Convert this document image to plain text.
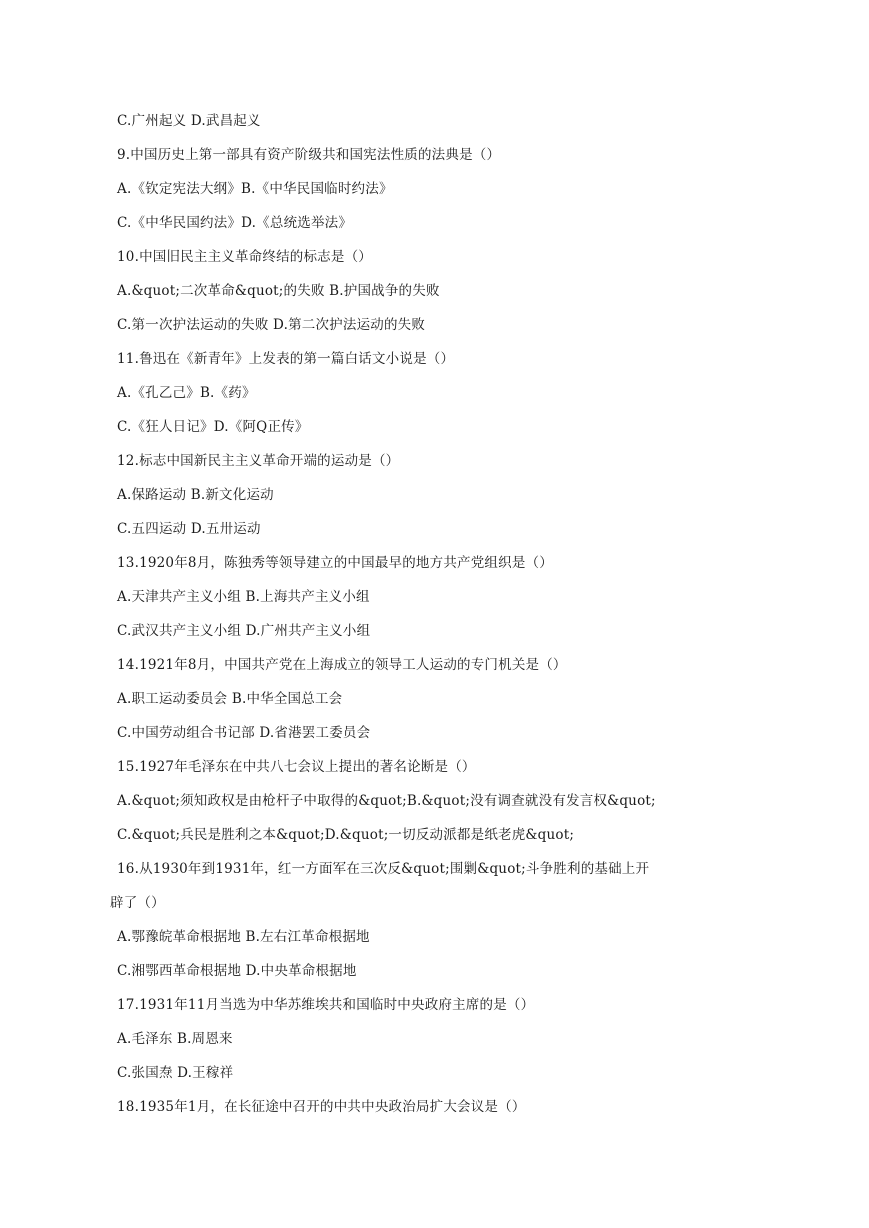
C.广州起义 D.武昌起义
9.中国历史上第一部具有资产阶级共和国宪法性质的法典是（）
A.《钦定宪法大纲》B.《中华民国临时约法》
C.《中华民国约法》D.《总统选举法》
10.中国旧民主主义革命终结的标志是（）
A.&quot;二次革命&quot;的失败 B.护国战争的失败
C.第一次护法运动的失败 D.第二次护法运动的失败
11.鲁迅在《新青年》上发表的第一篇白话文小说是（）
A.《孔乙己》B.《药》
C.《狂人日记》D.《阿Q正传》
12.标志中国新民主主义革命开端的运动是（）
A.保路运动 B.新文化运动
C.五四运动 D.五卅运动
13.1920年8月，陈独秀等领导建立的中国最早的地方共产党组织是（）
A.天津共产主义小组 B.上海共产主义小组
C.武汉共产主义小组 D.广州共产主义小组
14.1921年8月，中国共产党在上海成立的领导工人运动的专门机关是（）
A.职工运动委员会 B.中华全国总工会
C.中国劳动组合书记部 D.省港罢工委员会
15.1927年毛泽东在中共八七会议上提出的著名论断是（）
A.&quot;须知政权是由枪杆子中取得的&quot;B.&quot;没有调查就没有发言权&quot;
C.&quot;兵民是胜利之本&quot;D.&quot;一切反动派都是纸老虎&quot;
16.从1930年到1931年，红一方面军在三次反&quot;围剿&quot;斗争胜利的基础上开
辟了（）
A.鄂豫皖革命根据地 B.左右江革命根据地
C.湘鄂西革命根据地 D.中央革命根据地
17.1931年11月当选为中华苏维埃共和国临时中央政府主席的是（）
A.毛泽东 B.周恩来
C.张国焘 D.王稼祥
18.1935年1月，在长征途中召开的中共中央政治局扩大会议是（）
